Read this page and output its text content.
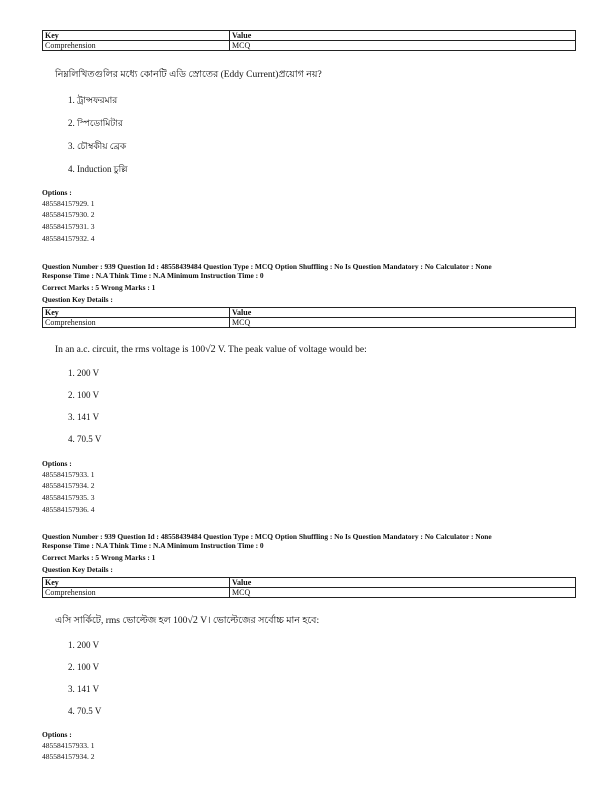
Key	Value
Comprehension	MCQ
নিম্নলিখিতগুলির মধ্যে কোনটি এডি স্রোতের (Eddy Current)প্রয়োগ নয়?
1. ট্রান্সফরমার
2. স্পিডোমিটার
3. চৌম্বকীয় ব্রেক
4. Induction চুল্লি
Options :
485584157929. 1
485584157930. 2
485584157931. 3
485584157932. 4
Question Number : 939 Question Id : 48558439484 Question Type : MCQ Option Shuffling : No Is Question Mandatory : No Calculator : None
Response Time : N.A Think Time : N.A Minimum Instruction Time : 0
Correct Marks : 5 Wrong Marks : 1
Question Key Details :
Key	Value
Comprehension	MCQ
In an a.c. circuit, the rms voltage is 100√2 V. The peak value of voltage would be:
1. 200 V
2. 100 V
3. 141 V
4. 70.5 V
Options :
485584157933. 1
485584157934. 2
485584157935. 3
485584157936. 4
Question Number : 939 Question Id : 48558439484 Question Type : MCQ Option Shuffling : No Is Question Mandatory : No Calculator : None
Response Time : N.A Think Time : N.A Minimum Instruction Time : 0
Correct Marks : 5 Wrong Marks : 1
Question Key Details :
Key	Value
Comprehension	MCQ
এসি সার্কিটে, rms ভোল্টেজ হল 100√2 V। ভোল্টেজের সর্বোচ্চ মান হবে:
1. 200 V
2. 100 V
3. 141 V
4. 70.5 V
Options :
485584157933. 1
485584157934. 2
